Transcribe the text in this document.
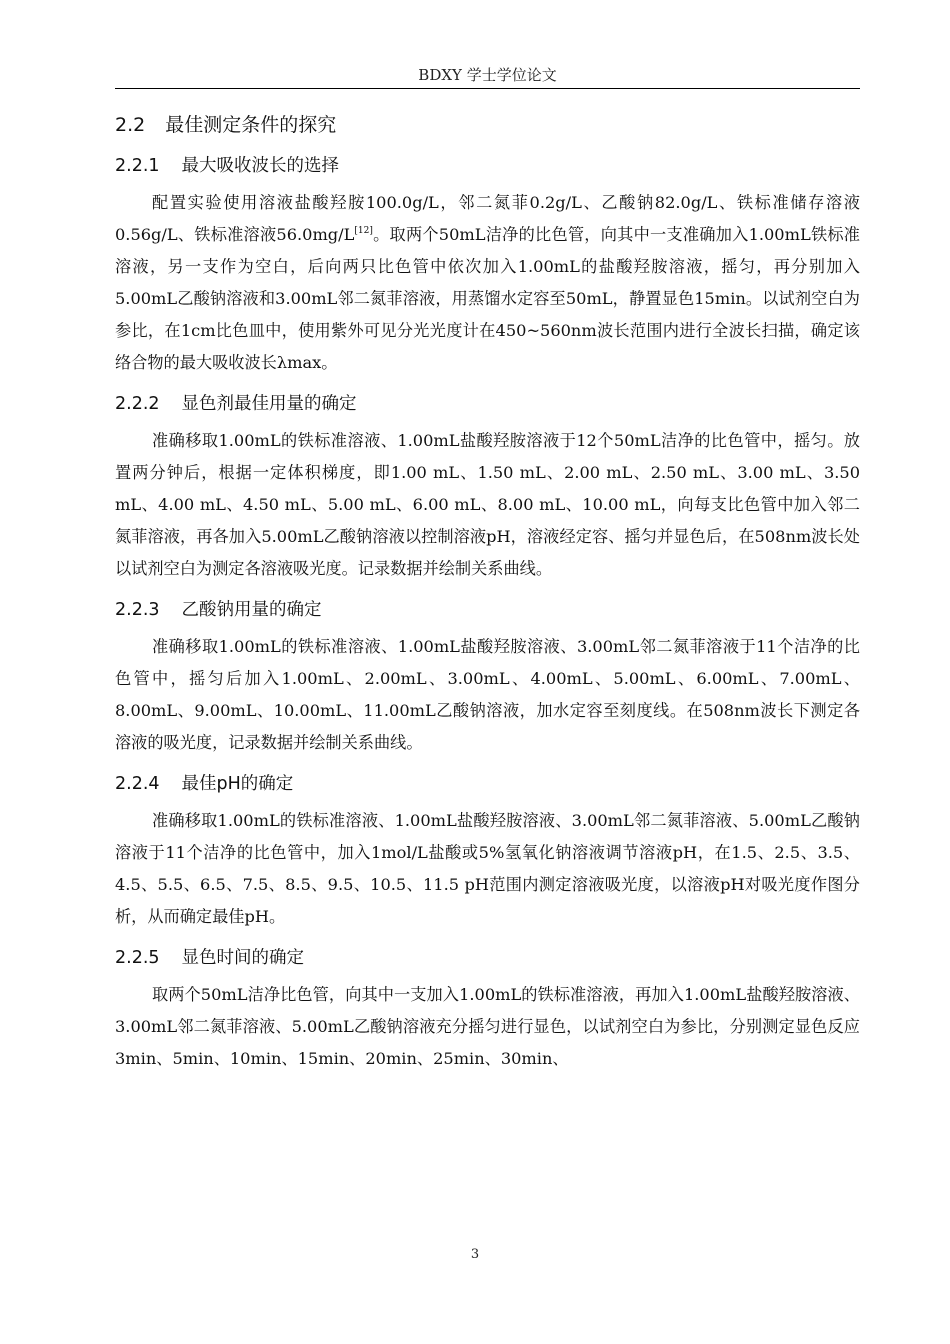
BDXY 学士学位论文
2.2 最佳测定条件的探究
2.2.1 最大吸收波长的选择

配置实验使用溶液盐酸羟胺100.0g/L，邻二氮菲0.2g/L、乙酸钠82.0g/L、铁标准储存溶液0.56g/L、铁标准溶液56.0mg/L[12]。取两个50mL洁净的比色管，向其中一支准确加入1.00mL铁标准溶液，另一支作为空白，后向两只比色管中依次加入1.00mL的盐酸羟胺溶液，摇匀，再分别加入5.00mL乙酸钠溶液和3.00mL邻二氮菲溶液，用蒸馏水定容至50mL，静置显色15min。以试剂空白为参比，在1cm比色皿中，使用紫外可见分光光度计在450~560nm波长范围内进行全波长扫描，确定该络合物的最大吸收波长λmax。

2.2.2 显色剂最佳用量的确定

准确移取1.00mL的铁标准溶液、1.00mL盐酸羟胺溶液于12个50mL洁净的比色管中，摇匀。放置两分钟后，根据一定体积梯度，即1.00 mL、1.50 mL、2.00 mL、2.50 mL、3.00 mL、3.50 mL、4.00 mL、4.50 mL、5.00 mL、6.00 mL、8.00 mL、10.00 mL，向每支比色管中加入邻二氮菲溶液，再各加入5.00mL乙酸钠溶液以控制溶液pH，溶液经定容、摇匀并显色后，在508nm波长处以试剂空白为测定各溶液吸光度。记录数据并绘制关系曲线。

2.2.3 乙酸钠用量的确定

准确移取1.00mL的铁标准溶液、1.00mL盐酸羟胺溶液、3.00mL邻二氮菲溶液于11个洁净的比色管中，摇匀后加入1.00mL、2.00mL、3.00mL、4.00mL、5.00mL、6.00mL、7.00mL、8.00mL、9.00mL、10.00mL、11.00mL乙酸钠溶液，加水定容至刻度线。在508nm波长下测定各溶液的吸光度，记录数据并绘制关系曲线。

2.2.4 最佳pH的确定

准确移取1.00mL的铁标准溶液、1.00mL盐酸羟胺溶液、3.00mL邻二氮菲溶液、5.00mL乙酸钠溶液于11个洁净的比色管中，加入1mol/L盐酸或5%氢氧化钠溶液调节溶液pH，在1.5、2.5、3.5、4.5、5.5、6.5、7.5、8.5、9.5、10.5、11.5 pH范围内测定溶液吸光度，以溶液pH对吸光度作图分析，从而确定最佳pH。

2.2.5 显色时间的确定

取两个50mL洁净比色管，向其中一支加入1.00mL的铁标准溶液，再加入1.00mL盐酸羟胺溶液、3.00mL邻二氮菲溶液、5.00mL乙酸钠溶液充分摇匀进行显色，以试剂空白为参比，分别测定显色反应3min、5min、10min、15min、20min、25min、30min、

3
